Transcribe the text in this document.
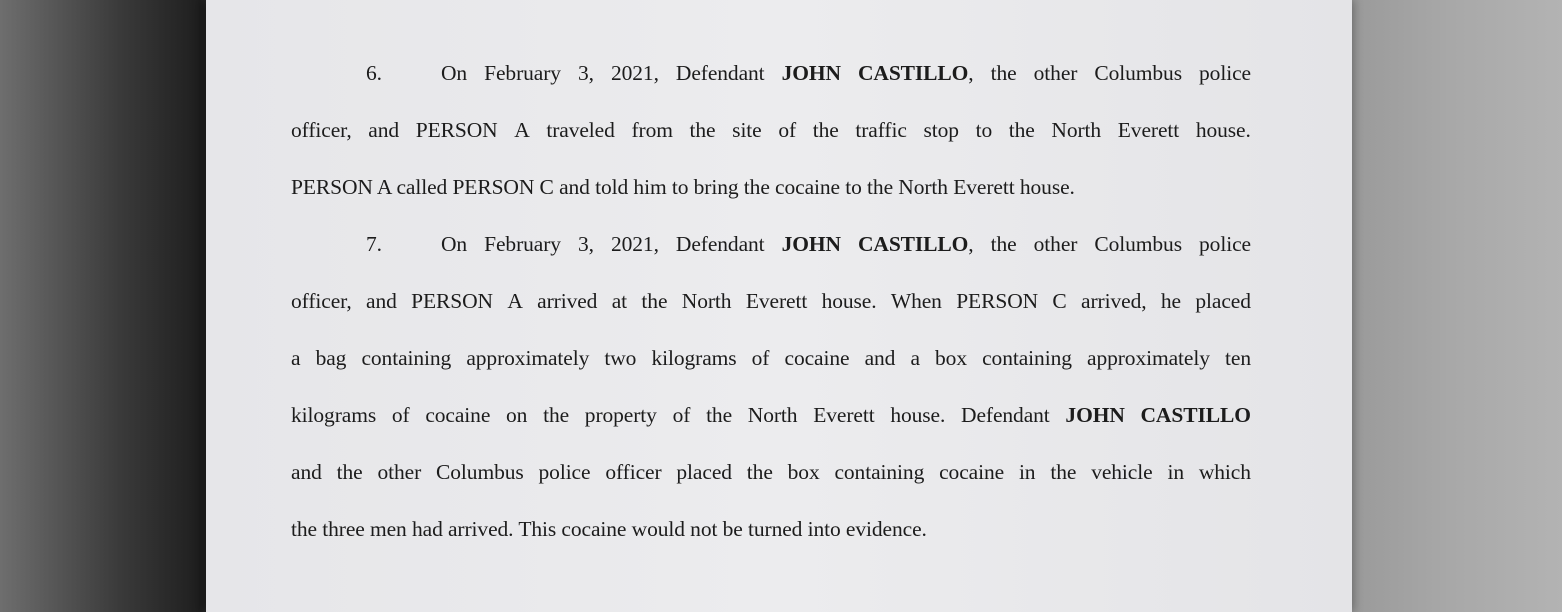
6.	On February 3, 2021, Defendant JOHN CASTILLO, the other Columbus police
officer, and PERSON A traveled from the site of the traffic stop to the North Everett house.
PERSON A called PERSON C and told him to bring the cocaine to the North Everett house.
7.	On February 3, 2021, Defendant JOHN CASTILLO, the other Columbus police
officer, and PERSON A arrived at the North Everett house. When PERSON C arrived, he placed
a bag containing approximately two kilograms of cocaine and a box containing approximately ten
kilograms of cocaine on the property of the North Everett house. Defendant JOHN CASTILLO
and the other Columbus police officer placed the box containing cocaine in the vehicle in which
the three men had arrived. This cocaine would not be turned into evidence.
